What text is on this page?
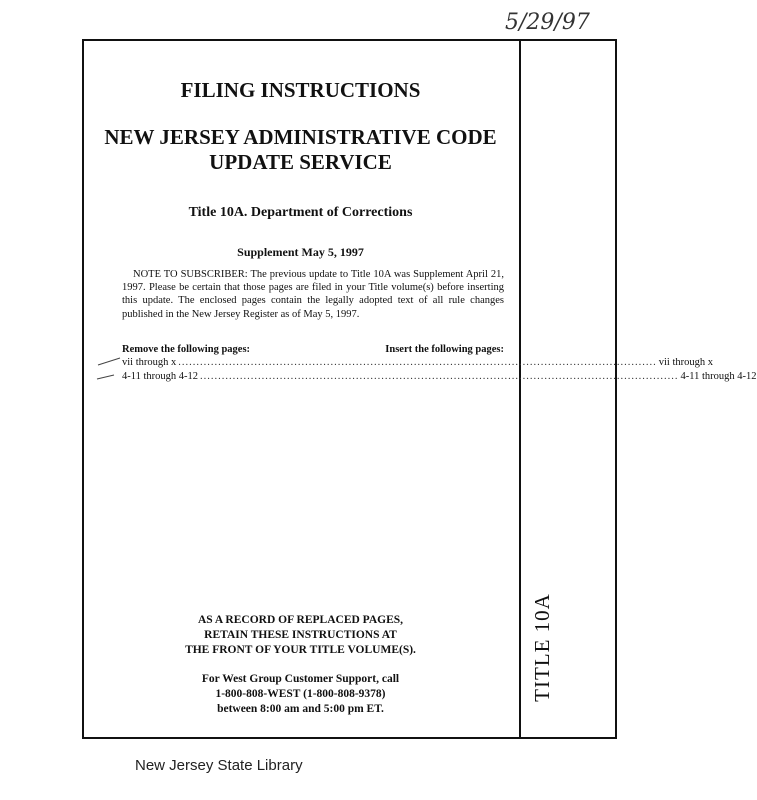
5/29/97
FILING INSTRUCTIONS
NEW JERSEY ADMINISTRATIVE CODE
UPDATE SERVICE
Title 10A. Department of Corrections
Supplement May 5, 1997
NOTE TO SUBSCRIBER: The previous update to Title 10A was Supplement April 21, 1997. Please be certain that those pages are filed in your Title volume(s) before inserting this update. The enclosed pages contain the legally adopted text of all rule changes published in the New Jersey Register as of May 5, 1997.
Remove the following pages:	Insert the following pages:
vii through x .................................................................................................................................... vii through x
4-11 through 4-12 .................................................................................................................................... 4-11 through 4-12
AS A RECORD OF REPLACED PAGES,
RETAIN THESE INSTRUCTIONS AT
THE FRONT OF YOUR TITLE VOLUME(S).
For West Group Customer Support, call
1-800-808-WEST (1-800-808-9378)
between 8:00 am and 5:00 pm ET.
TITLE 10A
New Jersey State Library
